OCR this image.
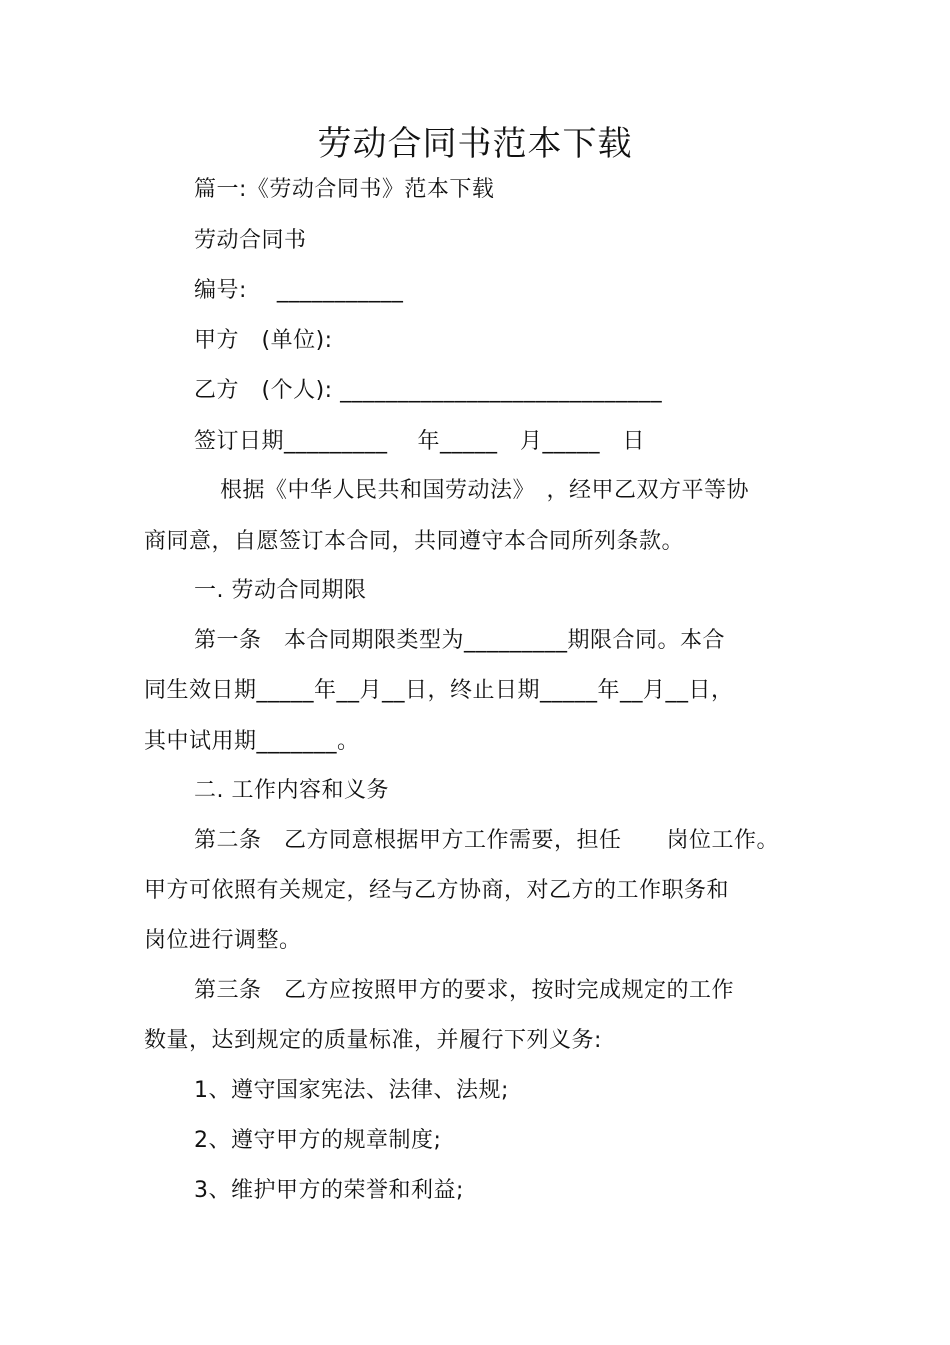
劳动合同书范本下载
篇一:《劳动合同书》范本下载
劳动合同书
编号:　 ___________
甲方　(单位):
乙方　(个人): ____________________________
签订日期_________　 年_____　月_____　日
根据《中华人民共和国劳动法》　，经甲乙双方平等协
商同意，自愿签订本合同，共同遵守本合同所列条款。
一. 劳动合同期限
第一条　本合同期限类型为_________期限合同。本合
同生效日期_____年__月__日，终止日期_____年__月__日，
其中试用期_______。
二. 工作内容和义务
第二条　乙方同意根据甲方工作需要，担任　　岗位工作。
甲方可依照有关规定，经与乙方协商，对乙方的工作职务和
岗位进行调整。
第三条　乙方应按照甲方的要求，按时完成规定的工作
数量，达到规定的质量标准，并履行下列义务:
1、遵守国家宪法、法律、法规;
2、遵守甲方的规章制度;
3、维护甲方的荣誉和利益;
